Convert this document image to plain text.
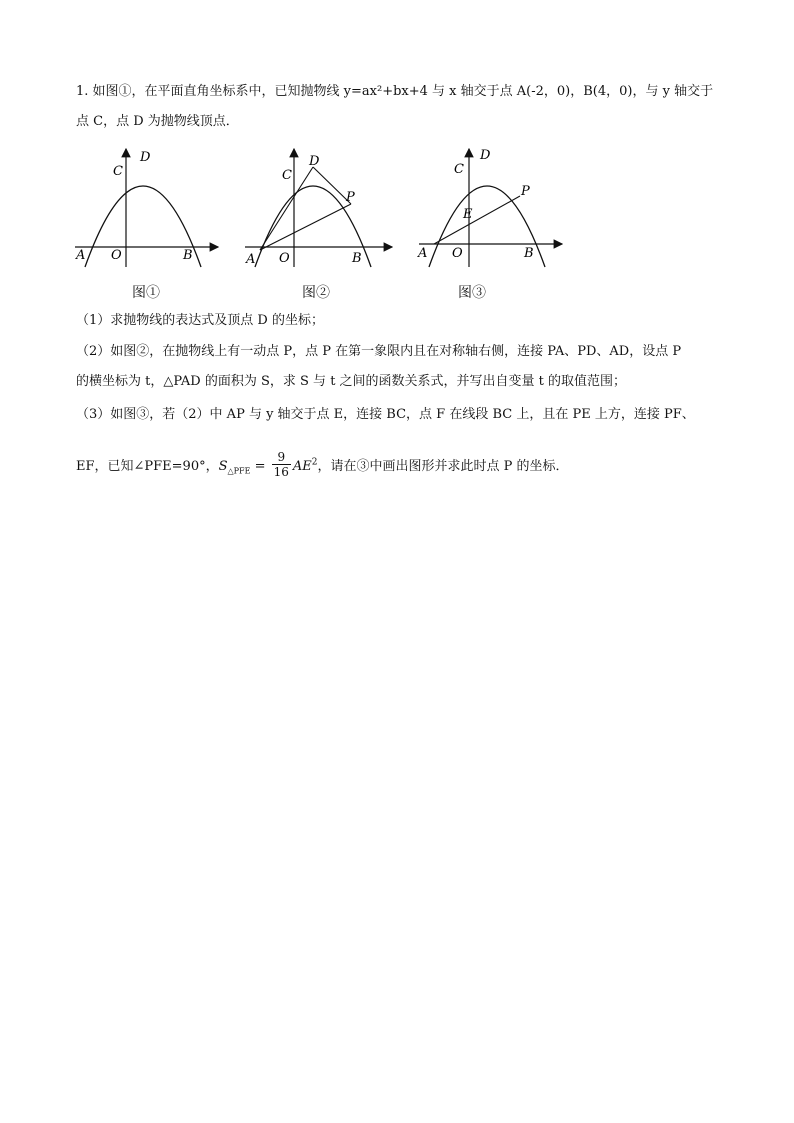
1. 如图①，在平面直角坐标系中，已知抛物线 y=ax²+bx+4 与 x 轴交于点 A(-2，0)，B(4，0)，与 y 轴交于
点 C，点 D 为抛物线顶点．
A O	B
C
D
A O	B
C
D
P
A O	B
C
D
P
E
图①	图②	图③
（1）求抛物线的表达式及顶点 D 的坐标；
（2）如图②，在抛物线上有一动点 P，点 P 在第一象限内且在对称轴右侧，连接 PA、PD、AD，设点 P
的横坐标为 t，△PAD 的面积为 S，求 S 与 t 之间的函数关系式，并写出自变量 t 的取值范围；
（3）如图③，若（2）中 AP 与 y 轴交于点 E，连接 BC，点 F 在线段 BC 上，且在 PE 上方，连接 PF、
EF，已知∠PFE=90°，$S_{\triangle PFE} = \frac{9}{16} AE^2$，请在③中画出图形并求此时点 P 的坐标．
